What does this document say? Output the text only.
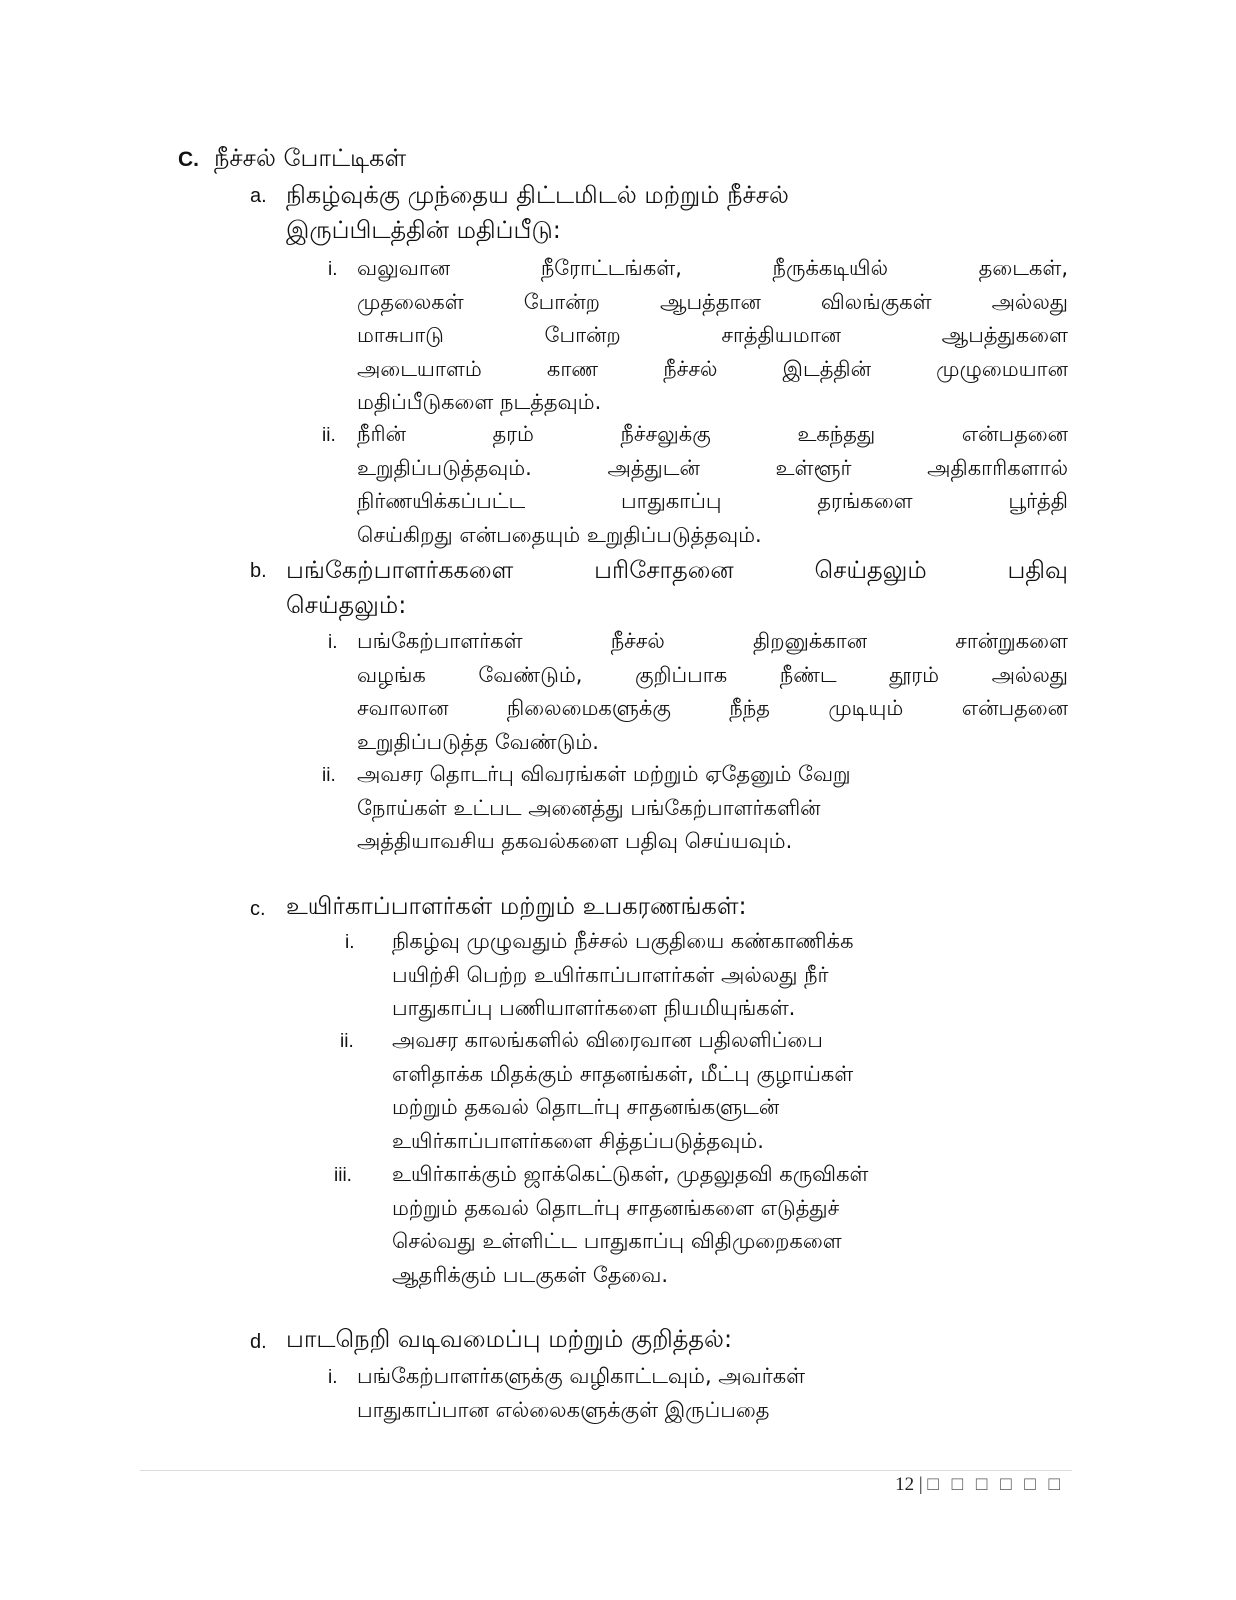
C. நீச்சல் போட்டிகள்
a. நிகழ்வுக்கு முந்தைய திட்டமிடல் மற்றும் நீச்சல்
இருப்பிடத்தின் மதிப்பீடு:
i. வலுவான நீரோட்டங்கள், நீருக்கடியில் தடைகள்,
முதலைகள் போன்ற ஆபத்தான விலங்குகள் அல்லது
மாசுபாடு போன்ற சாத்தியமான ஆபத்துகளை
அடையாளம் காண நீச்சல் இடத்தின் முழுமையான
மதிப்பீடுகளை நடத்தவும்.
ii. நீரின் தரம் நீச்சலுக்கு உகந்தது என்பதனை
உறுதிப்படுத்தவும். அத்துடன் உள்ளூர் அதிகாரிகளால்
நிர்ணயிக்கப்பட்ட பாதுகாப்பு தரங்களை பூர்த்தி
செய்கிறது என்பதையும் உறுதிப்படுத்தவும்.
b. பங்கேற்பாளர்ககளை பரிசோதனை செய்தலும் பதிவு
செய்தலும்:
i. பங்கேற்பாளர்கள் நீச்சல் திறனுக்கான சான்றுகளை
வழங்க வேண்டும், குறிப்பாக நீண்ட தூரம் அல்லது
சவாலான நிலைமைகளுக்கு நீந்த முடியும் என்பதனை
உறுதிப்படுத்த வேண்டும்.
ii. அவசர தொடர்பு விவரங்கள் மற்றும் ஏதேனும் வேறு
நோய்கள் உட்பட அனைத்து பங்கேற்பாளர்களின்
அத்தியாவசிய தகவல்களை பதிவு செய்யவும்.
c. உயிர்காப்பாளர்கள் மற்றும் உபகரணங்கள்:
i. நிகழ்வு முழுவதும் நீச்சல் பகுதியை கண்காணிக்க
பயிற்சி பெற்ற உயிர்காப்பாளர்கள் அல்லது நீர்
பாதுகாப்பு பணியாளர்களை நியமியுங்கள்.
ii. அவசர காலங்களில் விரைவான பதிலளிப்பை
எளிதாக்க மிதக்கும் சாதனங்கள், மீட்பு குழாய்கள்
மற்றும் தகவல் தொடர்பு சாதனங்களுடன்
உயிர்காப்பாளர்களை சித்தப்படுத்தவும்.
iii. உயிர்காக்கும் ஜாக்கெட்டுகள், முதலுதவி கருவிகள்
மற்றும் தகவல் தொடர்பு சாதனங்களை எடுத்துச்
செல்வது உள்ளிட்ட பாதுகாப்பு விதிமுறைகளை
ஆதரிக்கும் படகுகள் தேவை.
d. பாடநெறி வடிவமைப்பு மற்றும் குறித்தல்:
i. பங்கேற்பாளர்களுக்கு வழிகாட்டவும், அவர்கள்
பாதுகாப்பான எல்லைகளுக்குள் இருப்பதை
12 | □ □ □ □ □ □
